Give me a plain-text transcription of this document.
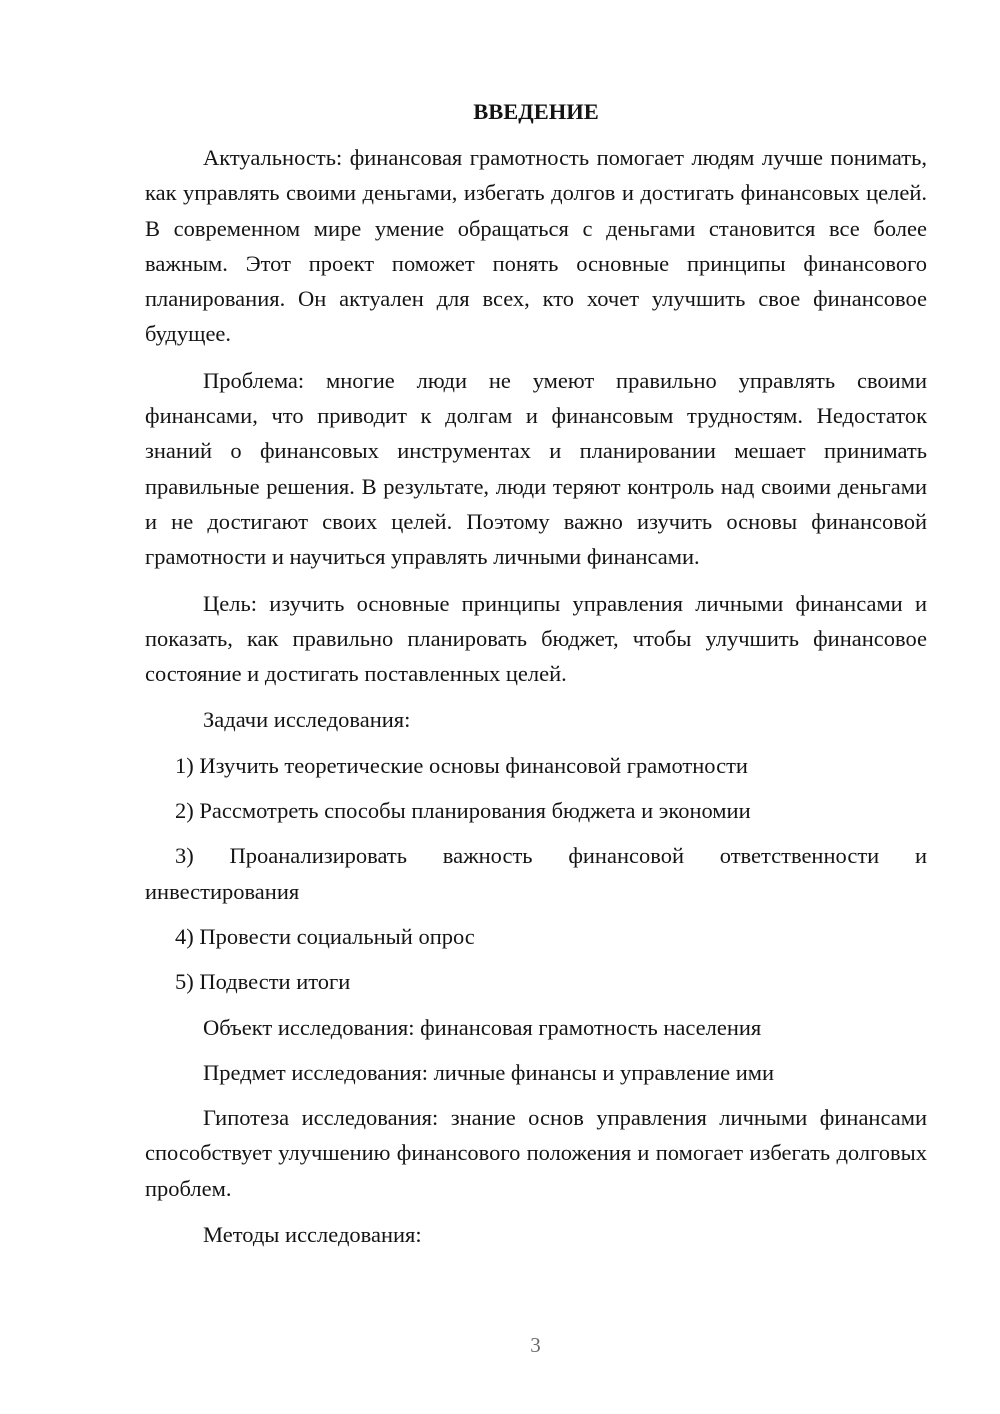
ВВЕДЕНИЕ

Актуальность: финансовая грамотность помогает людям лучше понимать, как управлять своими деньгами, избегать долгов и достигать финансовых целей. В современном мире умение обращаться с деньгами становится все более важным. Этот проект поможет понять основные принципы финансового планирования. Он актуален для всех, кто хочет улучшить свое финансовое будущее.

Проблема: многие люди не умеют правильно управлять своими финансами, что приводит к долгам и финансовым трудностям. Недостаток знаний о финансовых инструментах и планировании мешает принимать правильные решения. В результате, люди теряют контроль над своими деньгами и не достигают своих целей. Поэтому важно изучить основы финансовой грамотности и научиться управлять личными финансами.

Цель: изучить основные принципы управления личными финансами и показать, как правильно планировать бюджет, чтобы улучшить финансовое состояние и достигать поставленных целей.

Задачи исследования:

1) Изучить теоретические основы финансовой грамотности

2) Рассмотреть способы планирования бюджета и экономии

3) Проанализировать важность финансовой ответственности и инвестирования

4) Провести социальный опрос

5) Подвести итоги

Объект исследования: финансовая грамотность населения

Предмет исследования: личные финансы и управление ими

Гипотеза исследования: знание основ управления личными финансами способствует улучшению финансового положения и помогает избегать долговых проблем.

Методы исследования:

3
